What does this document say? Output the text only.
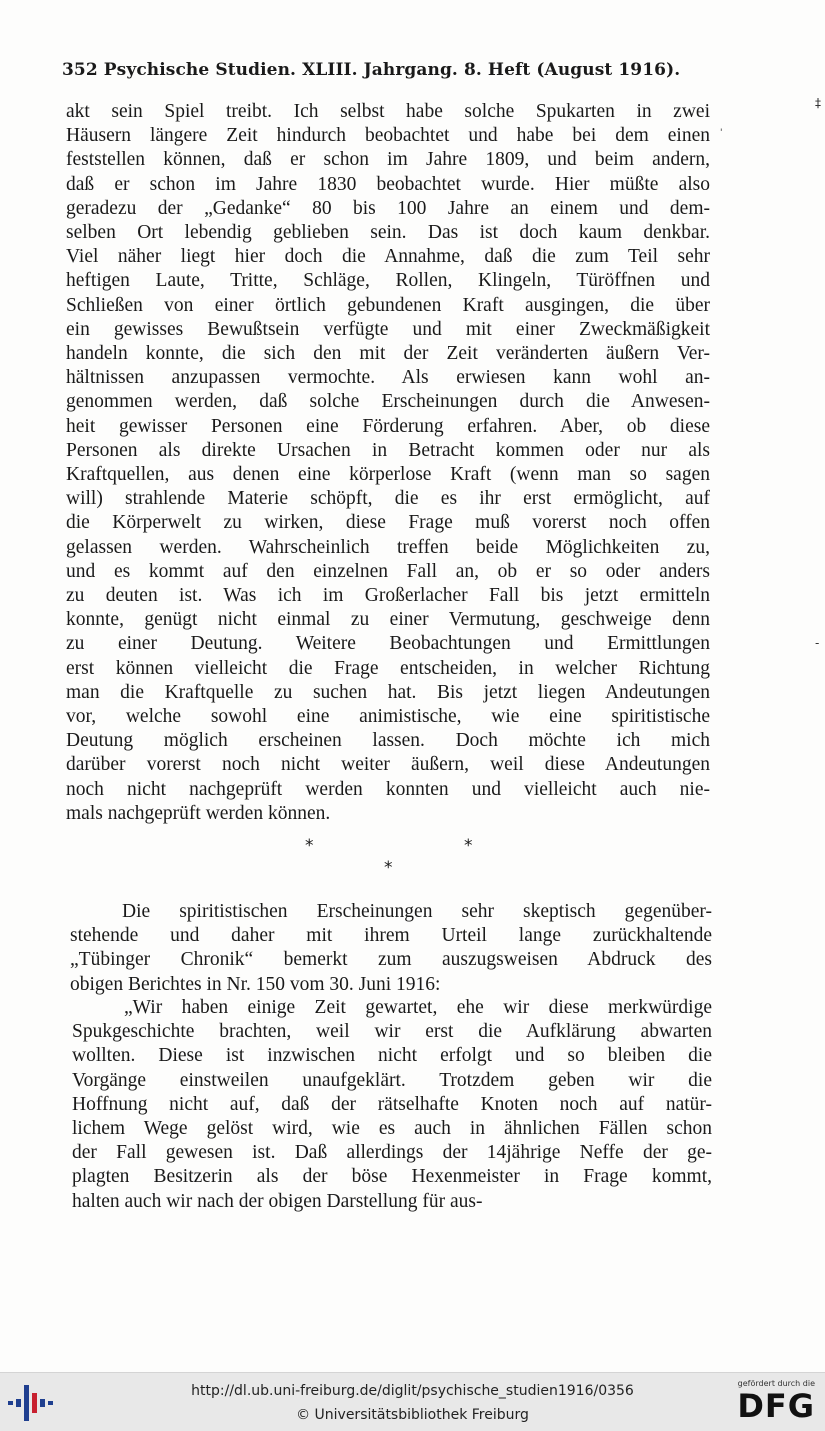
352 Psychische Studien. XLIII. Jahrgang. 8. Heft (August 1916).
akt sein Spiel treibt. Ich selbst habe solche Spukarten in zwei
Häusern längere Zeit hindurch beobachtet und habe bei dem einen
feststellen können, daß er schon im Jahre 1809, und beim andern,
daß er schon im Jahre 1830 beobachtet wurde. Hier müßte also
geradezu der „Gedanke“ 80 bis 100 Jahre an einem und dem-
selben Ort lebendig geblieben sein. Das ist doch kaum denkbar.
Viel näher liegt hier doch die Annahme, daß die zum Teil sehr
heftigen Laute, Tritte, Schläge, Rollen, Klingeln, Türöffnen und
Schließen von einer örtlich gebundenen Kraft ausgingen, die über
ein gewisses Bewußtsein verfügte und mit einer Zweckmäßigkeit
handeln konnte, die sich den mit der Zeit veränderten äußern Ver-
hältnissen anzupassen vermochte. Als erwiesen kann wohl an-
genommen werden, daß solche Erscheinungen durch die Anwesen-
heit gewisser Personen eine Förderung erfahren. Aber, ob diese
Personen als direkte Ursachen in Betracht kommen oder nur als
Kraftquellen, aus denen eine körperlose Kraft (wenn man so sagen
will) strahlende Materie schöpft, die es ihr erst ermöglicht, auf
die Körperwelt zu wirken, diese Frage muß vorerst noch offen
gelassen werden. Wahrscheinlich treffen beide Möglichkeiten zu,
und es kommt auf den einzelnen Fall an, ob er so oder anders
zu deuten ist. Was ich im Großerlacher Fall bis jetzt ermitteln
konnte, genügt nicht einmal zu einer Vermutung, geschweige denn
zu einer Deutung. Weitere Beobachtungen und Ermittlungen
erst können vielleicht die Frage entscheiden, in welcher Richtung
man die Kraftquelle zu suchen hat. Bis jetzt liegen Andeutungen
vor, welche sowohl eine animistische, wie eine spiritistische
Deutung möglich erscheinen lassen. Doch möchte ich mich
darüber vorerst noch nicht weiter äußern, weil diese Andeutungen
noch nicht nachgeprüft werden konnten und vielleicht auch nie-
mals nachgeprüft werden können.
*	*
*
Die spiritistischen Erscheinungen sehr skeptisch gegenüber-
stehende und daher mit ihrem Urteil lange zurückhaltende
„Tübinger Chronik“ bemerkt zum auszugsweisen Abdruck des
obigen Berichtes in Nr. 150 vom 30. Juni 1916:
„Wir haben einige Zeit gewartet, ehe wir diese merkwürdige
Spukgeschichte brachten, weil wir erst die Aufklärung abwarten
wollten. Diese ist inzwischen nicht erfolgt und so bleiben die
Vorgänge einstweilen unaufgeklärt. Trotzdem geben wir die
Hoffnung nicht auf, daß der rätselhafte Knoten noch auf natür-
lichem Wege gelöst wird, wie es auch in ähnlichen Fällen schon
der Fall gewesen ist. Daß allerdings der 14jährige Neffe der ge-
plagten Besitzerin als der böse Hexenmeister in Frage kommt,
halten auch wir nach der obigen Darstellung für aus-
‡
'
-
http://dl.ub.uni-freiburg.de/diglit/psychische_studien1916/0356
© Universitätsbibliothek Freiburg
gefördert durch die
DFG
